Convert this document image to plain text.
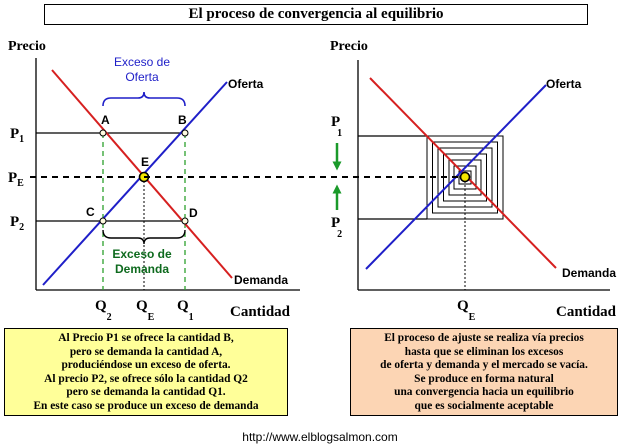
El proceso de convergencia al equilibrio
Precio
Cantidad
Oferta
Demanda
Exceso de
Oferta
Exceso de
Demanda
A	B
C	D
E
$P_1$
$P_E$
$P_2$
$Q_2$
$Q_E$
$Q_1$
Precio
Cantidad
Oferta
Demanda
$Q_E$
P 1
P 2
Al Precio P1 se ofrece la cantidad B,
pero se demanda la cantidad A,
produciéndose un exceso de oferta.
Al precio P2, se ofrece sólo la cantidad Q2
pero se demanda la cantidad Q1.
En este caso se produce un exceso de demanda
El proceso de ajuste se realiza vía precios
hasta que se eliminan los excesos
de oferta y demanda y el mercado se vacía.
Se produce en forma natural
una convergencia hacia un equilibrio
que es socialmente aceptable
http://www.elblogsalmon.com
